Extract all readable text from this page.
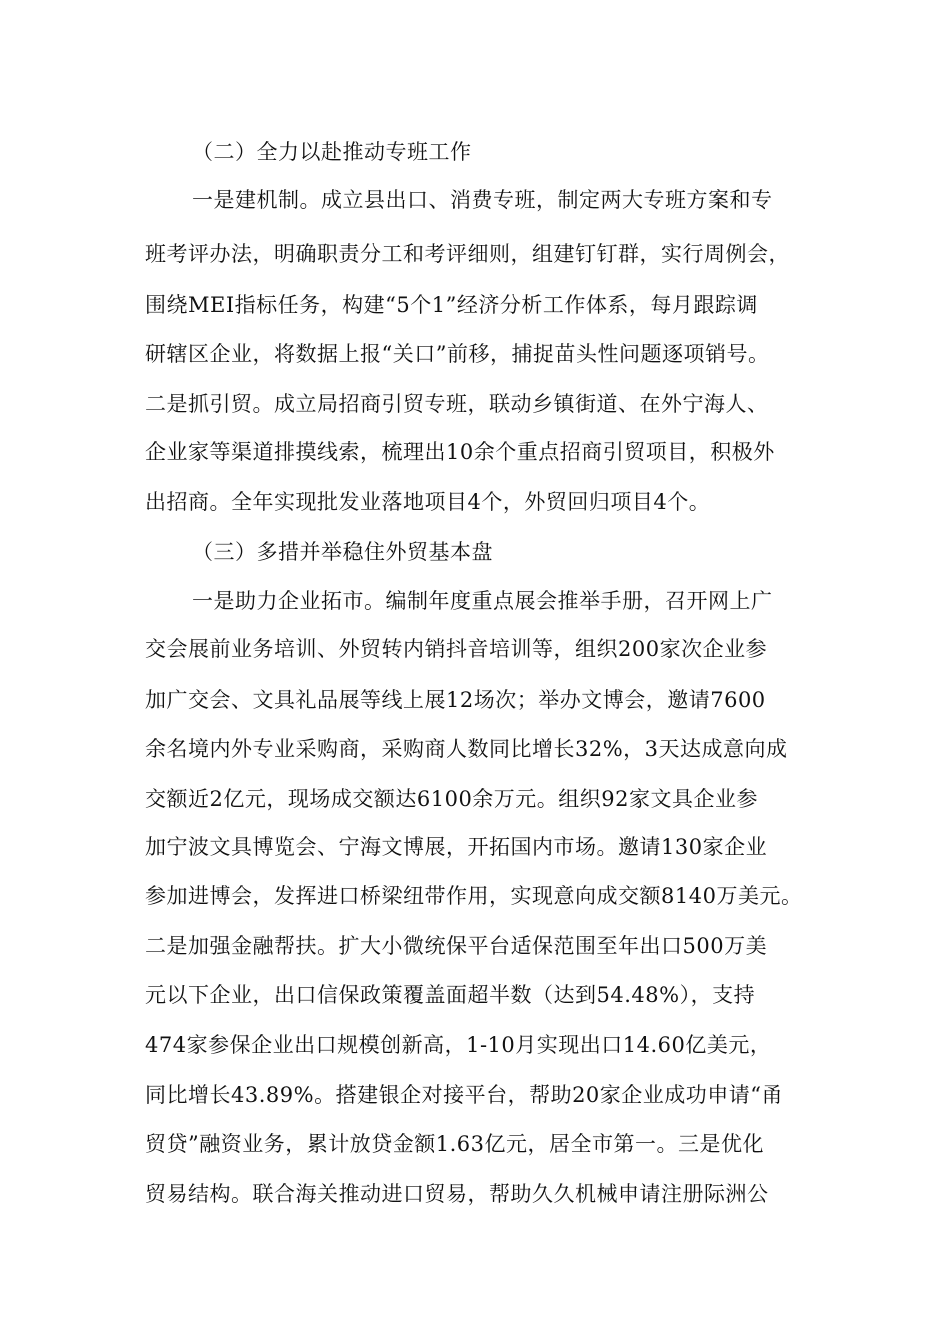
（二）全力以赴推动专班工作
一是建机制。成立县出口、消费专班，制定两大专班方案和专
班考评办法，明确职责分工和考评细则，组建钉钉群，实行周例会，
围绕MEI指标任务，构建“5个1”经济分析工作体系，每月跟踪调
研辖区企业，将数据上报“关口”前移，捕捉苗头性问题逐项销号。
二是抓引贸。成立局招商引贸专班，联动乡镇街道、在外宁海人、
企业家等渠道排摸线索，梳理出10余个重点招商引贸项目，积极外
出招商。全年实现批发业落地项目4个，外贸回归项目4个。
（三）多措并举稳住外贸基本盘
一是助力企业拓市。编制年度重点展会推举手册，召开网上广
交会展前业务培训、外贸转内销抖音培训等，组织200家次企业参
加广交会、文具礼品展等线上展12场次；举办文博会，邀请7600
余名境内外专业采购商，采购商人数同比增长32%，3天达成意向成
交额近2亿元，现场成交额达6100余万元。组织92家文具企业参
加宁波文具博览会、宁海文博展，开拓国内市场。邀请130家企业
参加进博会，发挥进口桥梁纽带作用，实现意向成交额8140万美元。
二是加强金融帮扶。扩大小微统保平台适保范围至年出口500万美
元以下企业，出口信保政策覆盖面超半数（达到54.48%），支持
474家参保企业出口规模创新高，1-10月实现出口14.60亿美元，
同比增长43.89%。搭建银企对接平台，帮助20家企业成功申请“甬
贸贷”融资业务，累计放贷金额1.63亿元，居全市第一。三是优化
贸易结构。联合海关推动进口贸易，帮助久久机械申请注册际洲公
